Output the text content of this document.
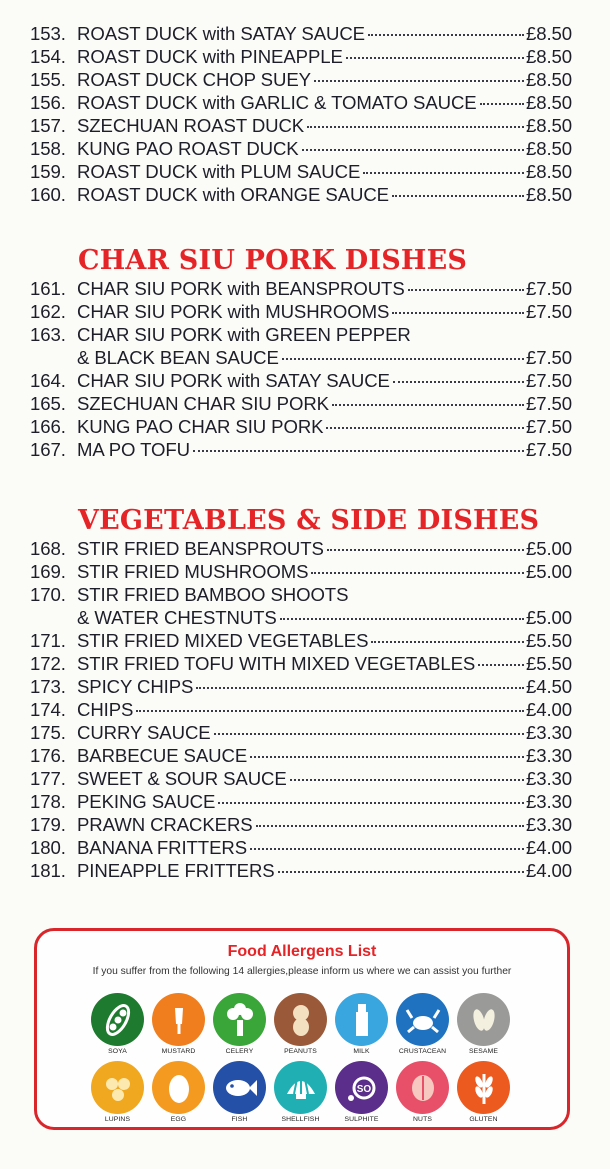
153. ROAST DUCK with SATAY SAUCE	£8.50
154. ROAST DUCK with PINEAPPLE	£8.50
155. ROAST DUCK CHOP SUEY	£8.50
156. ROAST DUCK with GARLIC & TOMATO SAUCE	£8.50
157. SZECHUAN ROAST DUCK	£8.50
158. KUNG PAO ROAST DUCK	£8.50
159. ROAST DUCK with PLUM SAUCE	£8.50
160. ROAST DUCK with ORANGE SAUCE	£8.50
CHAR SIU PORK DISHES
161. CHAR SIU PORK with BEANSPROUTS	£7.50
162. CHAR SIU PORK with MUSHROOMS	£7.50
163. CHAR SIU PORK with GREEN PEPPER
& BLACK BEAN SAUCE	£7.50
164. CHAR SIU PORK with SATAY SAUCE	£7.50
165. SZECHUAN CHAR SIU PORK	£7.50
166. KUNG PAO CHAR SIU PORK	£7.50
167. MA PO TOFU	£7.50
VEGETABLES & SIDE DISHES
168. STIR FRIED BEANSPROUTS	£5.00
169. STIR FRIED MUSHROOMS	£5.00
170. STIR FRIED BAMBOO SHOOTS
& WATER CHESTNUTS	£5.00
171. STIR FRIED MIXED VEGETABLES	£5.50
172. STIR FRIED TOFU WITH MIXED VEGETABLES	£5.50
173. SPICY CHIPS	£4.50
174. CHIPS	£4.00
175. CURRY SAUCE	£3.30
176. BARBECUE SAUCE	£3.30
177. SWEET & SOUR SAUCE	£3.30
178. PEKING SAUCE	£3.30
179. PRAWN CRACKERS	£3.30
180. BANANA FRITTERS	£4.00
181. PINEAPPLE FRITTERS	£4.00
Food Allergens List
If you suffer from the following 14 allergies,please inform us where we can assist you further
SOYA	MUSTARD	CELERY	PEANUTS	MILK	CRUSTACEAN	SESAME
LUPINS	EGG	FISH	SHELLFISH
SO
SULPHITE	NUTS	GLUTEN
